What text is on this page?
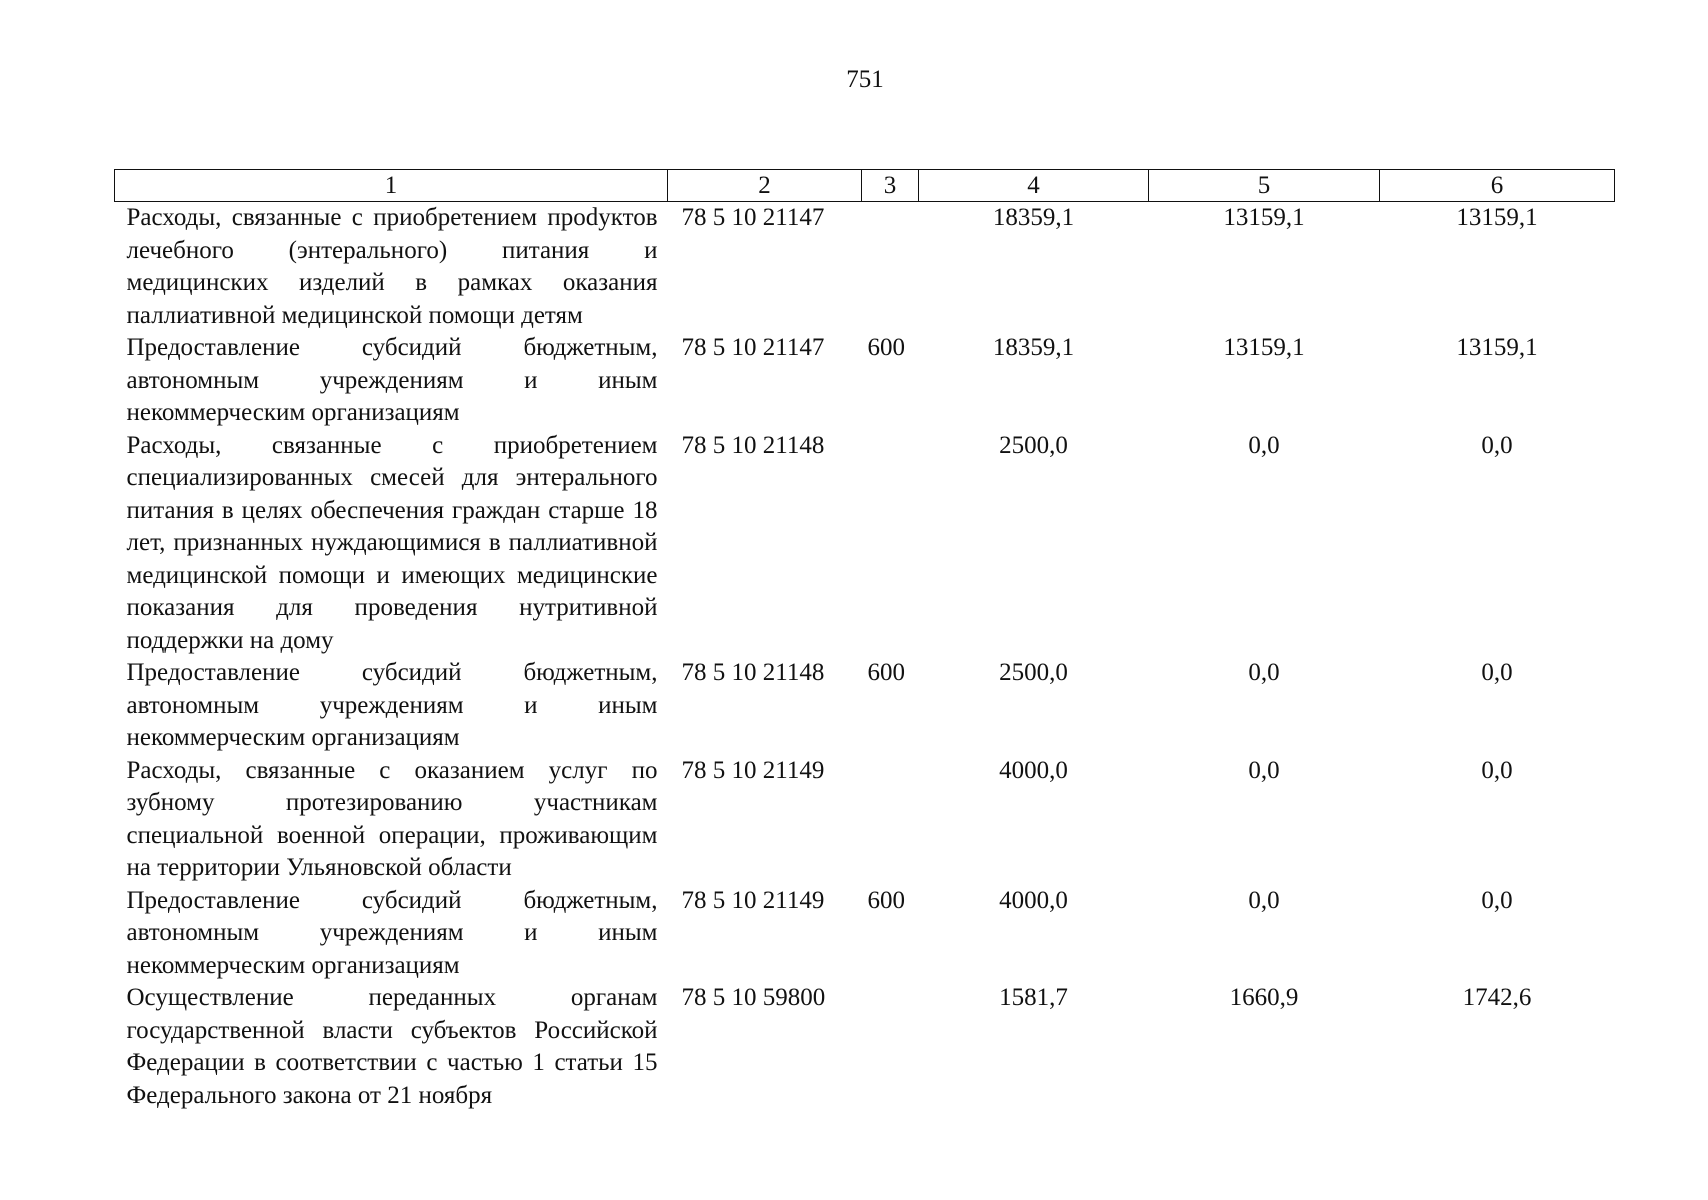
751
1	2	3	4	5	6
Расходы, связанные с приобретением проdуктов лечебного (энтерального) питания и медицинских изделий в рамках оказания паллиативной медицинской помощи детям	78 5 10 21147		18359,1	13159,1	13159,1
Предоставление субсидий бюджетным, автономным учреждениям и иным некоммерческим организациям	78 5 10 21147	600	18359,1	13159,1	13159,1
Расходы, связанные с приобретением специализированных смесей для энтерального питания в целях обеспечения граждан старше 18 лет, признанных нуждающимися в паллиативной медицинской помощи и имеющих медицинские показания для проведения нутритивной поддержки на дому	78 5 10 21148		2500,0	0,0	0,0
Предоставление субсидий бюджетным, автономным учреждениям и иным некоммерческим организациям	78 5 10 21148	600	2500,0	0,0	0,0
Расходы, связанные с оказанием услуг по зубному протезированию участникам специальной военной операции, проживающим на территории Ульяновской области	78 5 10 21149		4000,0	0,0	0,0
Предоставление субсидий бюджетным, автономным учреждениям и иным некоммерческим организациям	78 5 10 21149	600	4000,0	0,0	0,0
Осуществление переданных органам государственной власти субъектов Российской Федерации в соответствии с частью 1 статьи 15 Федерального закона от 21 ноября	78 5 10 59800		1581,7	1660,9	1742,6
